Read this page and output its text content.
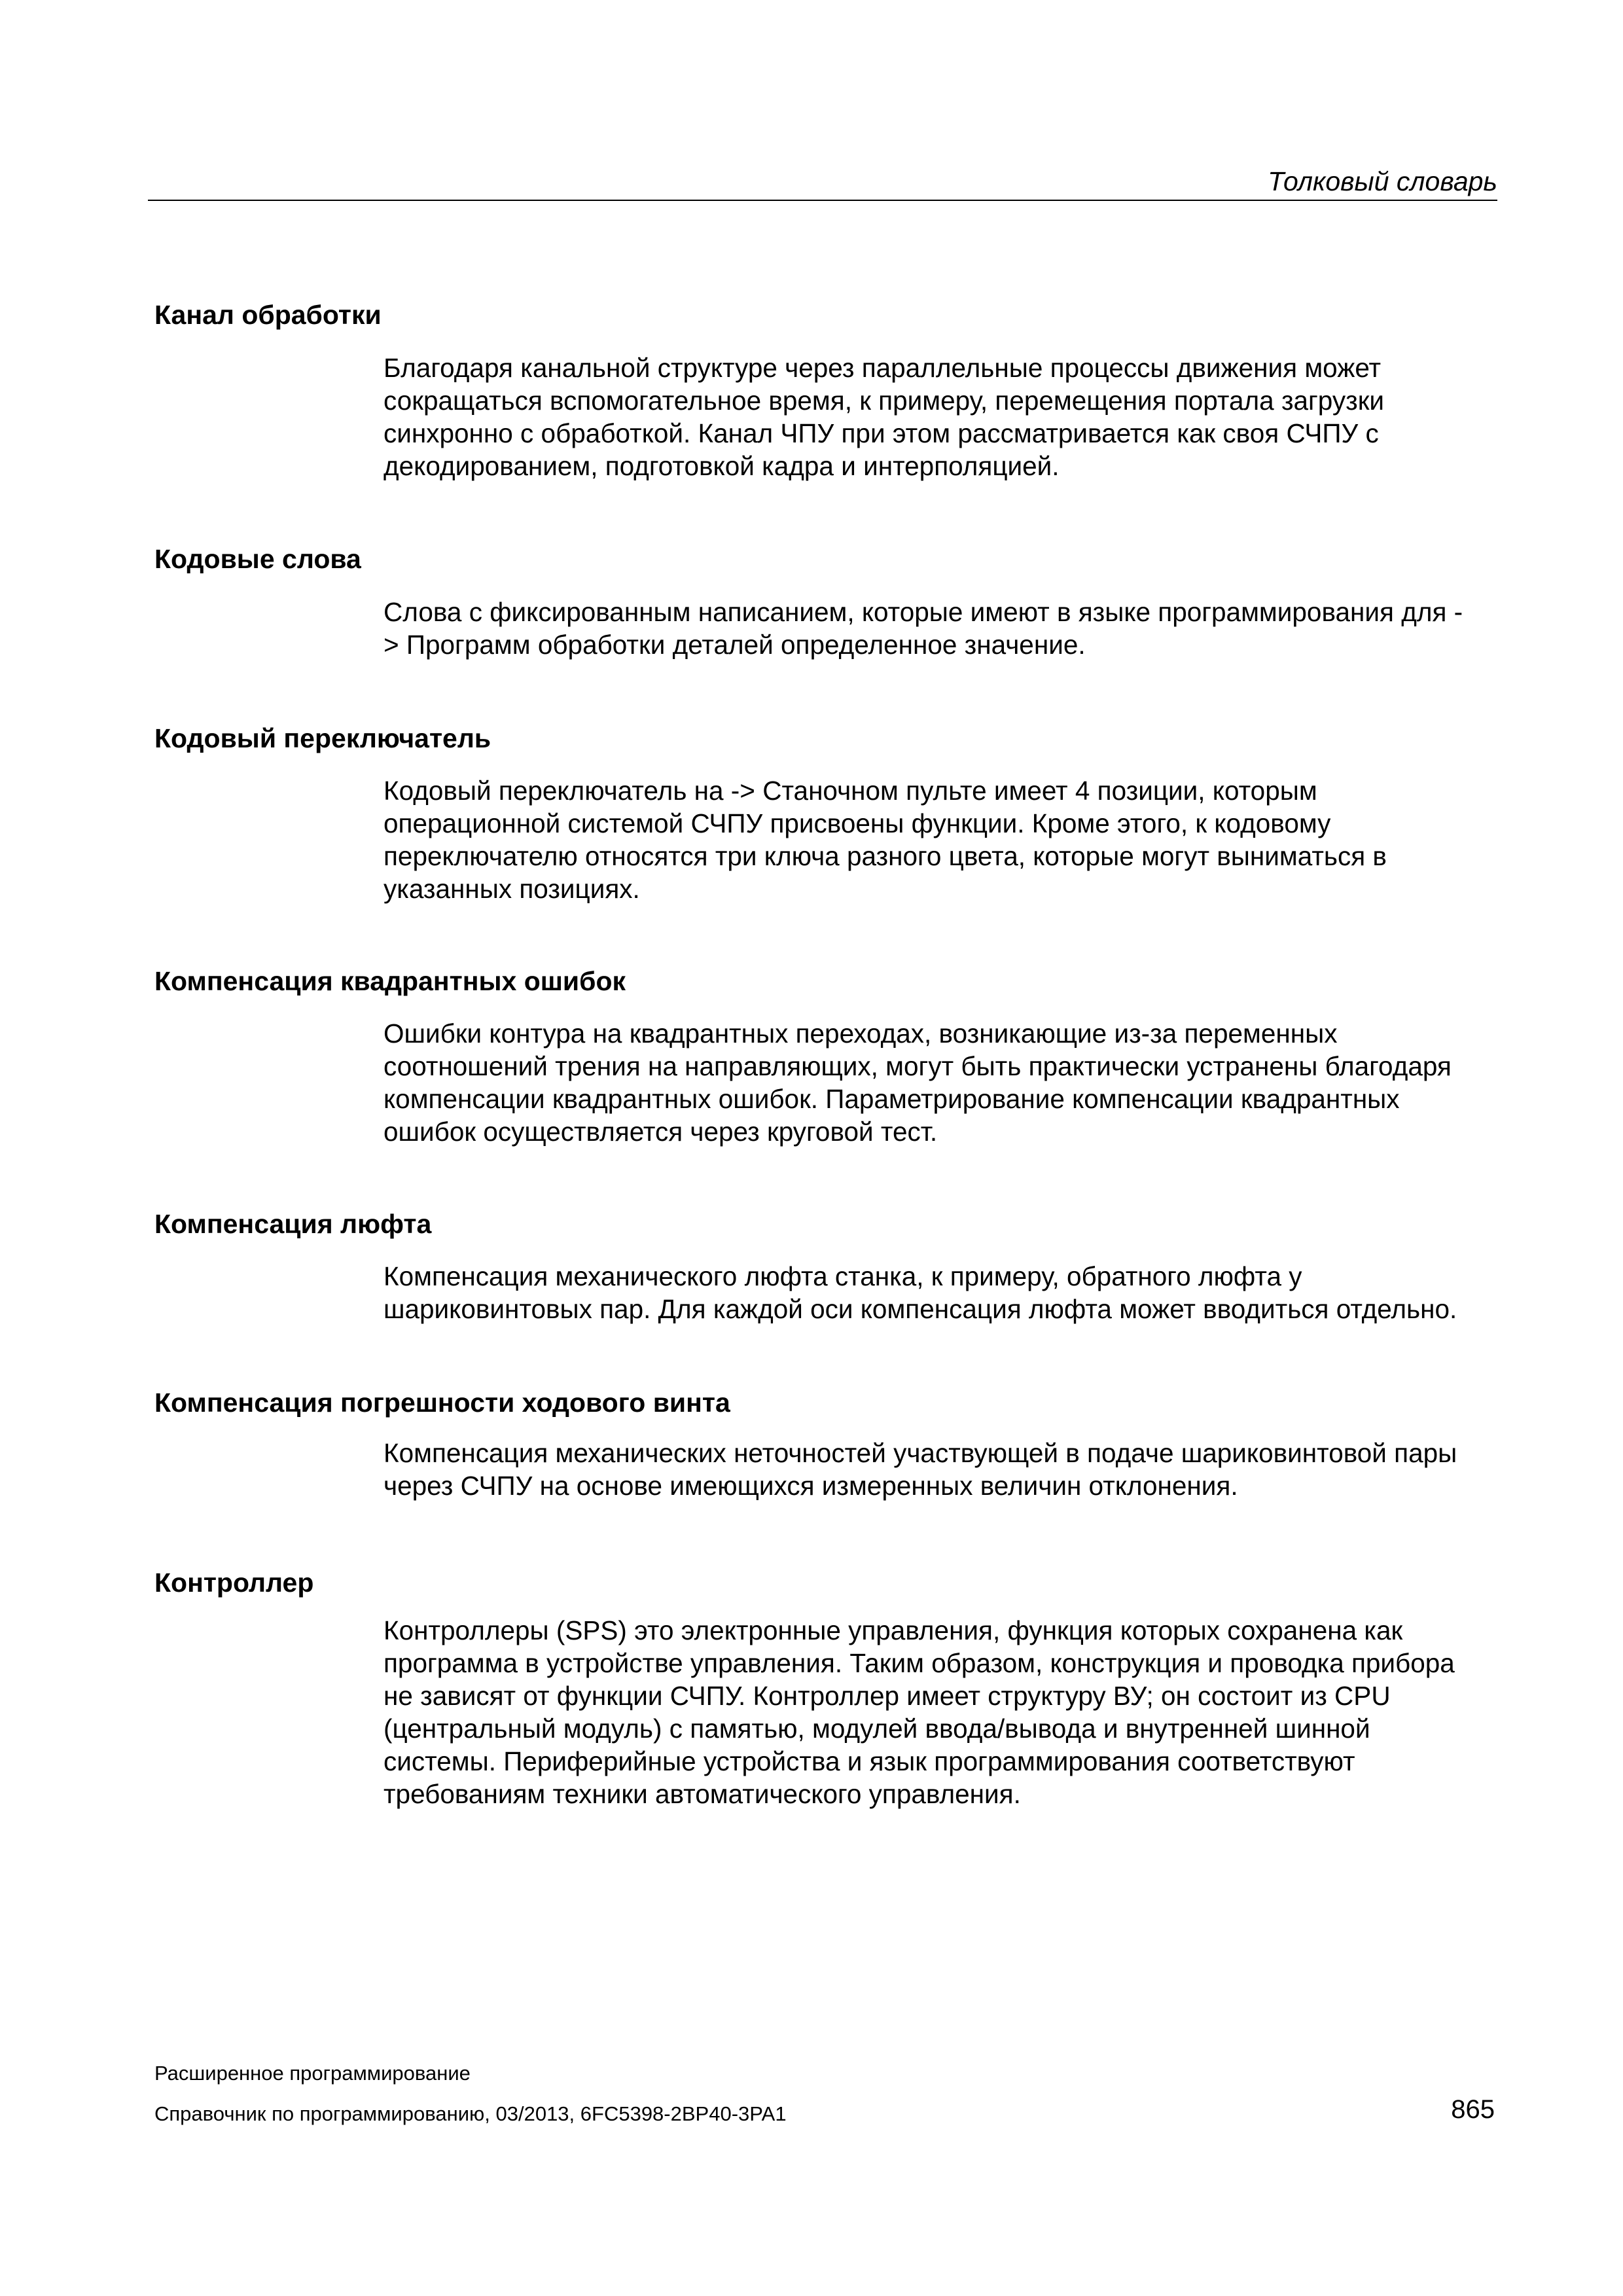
Толковый словарь
Канал обработки

Благодаря канальной структуре через параллельные процессы движения может
сокращаться вспомогательное время, к примеру, перемещения портала загрузки
синхронно с обработкой. Канал ЧПУ при этом рассматривается как своя СЧПУ с
декодированием, подготовкой кадра и интерполяцией.

Кодовые слова

Слова с фиксированным написанием, которые имеют в языке программирования для -
> Программ обработки деталей определенное значение.

Кодовый переключатель

Кодовый переключатель на -> Станочном пульте имеет 4 позиции, которым
операционной системой СЧПУ присвоены функции. Кроме этого, к кодовому
переключателю относятся три ключа разного цвета, которые могут выниматься в
указанных позициях.

Компенсация квадрантных ошибок

Ошибки контура на квадрантных переходах, возникающие из-за переменных
соотношений трения на направляющих, могут быть практически устранены благодаря
компенсации квадрантных ошибок. Параметрирование компенсации квадрантных
ошибок осуществляется через круговой тест.

Компенсация люфта

Компенсация механического люфта станка, к примеру, обратного люфта у
шариковинтовых пар. Для каждой оси компенсация люфта может вводиться отдельно.

Компенсация погрешности ходового винта

Компенсация механических неточностей участвующей в подаче шариковинтовой пары
через СЧПУ на основе имеющихся измеренных величин отклонения.

Контроллер

Контроллеры (SPS) это электронные управления, функция которых сохранена как
программа в устройстве управления. Таким образом, конструкция и проводка прибора
не зависят от функции СЧПУ. Контроллер имеет структуру ВУ; он состоит из CPU
(центральный модуль) с памятью, модулей ввода/вывода и внутренней шинной
системы. Периферийные устройства и язык программирования соответствуют
требованиям техники автоматического управления.

Расширенное программирование
Справочник по программированию, 03/2013, 6FC5398-2BP40-3PA1	865
